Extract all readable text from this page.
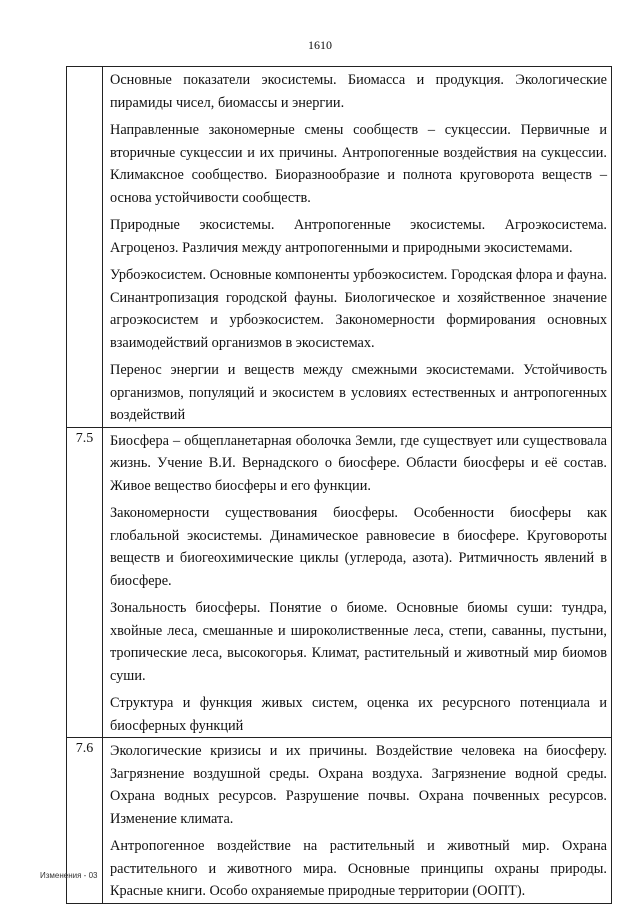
1610

	Основные показатели экосистемы. Биомасса и продукция. Экологические пирамиды чисел, биомассы и энергии.

Направленные закономерные смены сообществ – сукцессии. Первичные и вторичные сукцессии и их причины. Антропогенные воздействия на сукцессии. Климаксное сообщество. Биоразнообразие и полнота круговорота веществ – основа устойчивости сообществ.

Природные экосистемы. Антропогенные экосистемы. Агроэкосистема. Агроценоз. Различия между антропогенными и природными экосистемами.

Урбоэкосистем. Основные компоненты урбоэкосистем. Городская флора и фауна. Синантропизация городской фауны. Биологическое и хозяйственное значение агроэкосистем и урбоэкосистем. Закономерности формирования основных взаимодействий организмов в экосистемах.

Перенос энергии и веществ между смежными экосистемами. Устойчивость организмов, популяций и экосистем в условиях естественных и антропогенных воздействий

7.5	Биосфера – общепланетарная оболочка Земли, где существует или существовала жизнь. Учение В.И. Вернадского о биосфере. Области биосферы и её состав. Живое вещество биосферы и его функции.

Закономерности существования биосферы. Особенности биосферы как глобальной экосистемы. Динамическое равновесие в биосфере. Круговороты веществ и биогеохимические циклы (углерода, азота). Ритмичность явлений в биосфере.

Зональность биосферы. Понятие о биоме. Основные биомы суши: тундра, хвойные леса, смешанные и широколиственные леса, степи, саванны, пустыни, тропические леса, высокогорья. Климат, растительный и животный мир биомов суши.

Структура и функция живых систем, оценка их ресурсного потенциала и биосферных функций

7.6	Экологические кризисы и их причины. Воздействие человека на биосферу. Загрязнение воздушной среды. Охрана воздуха. Загрязнение водной среды. Охрана водных ресурсов. Разрушение почвы. Охрана почвенных ресурсов. Изменение климата.

Антропогенное воздействие на растительный и животный мир. Охрана растительного и животного мира. Основные принципы охраны природы. Красные книги. Особо охраняемые природные территории (ООПТ).

Изменения - 03
